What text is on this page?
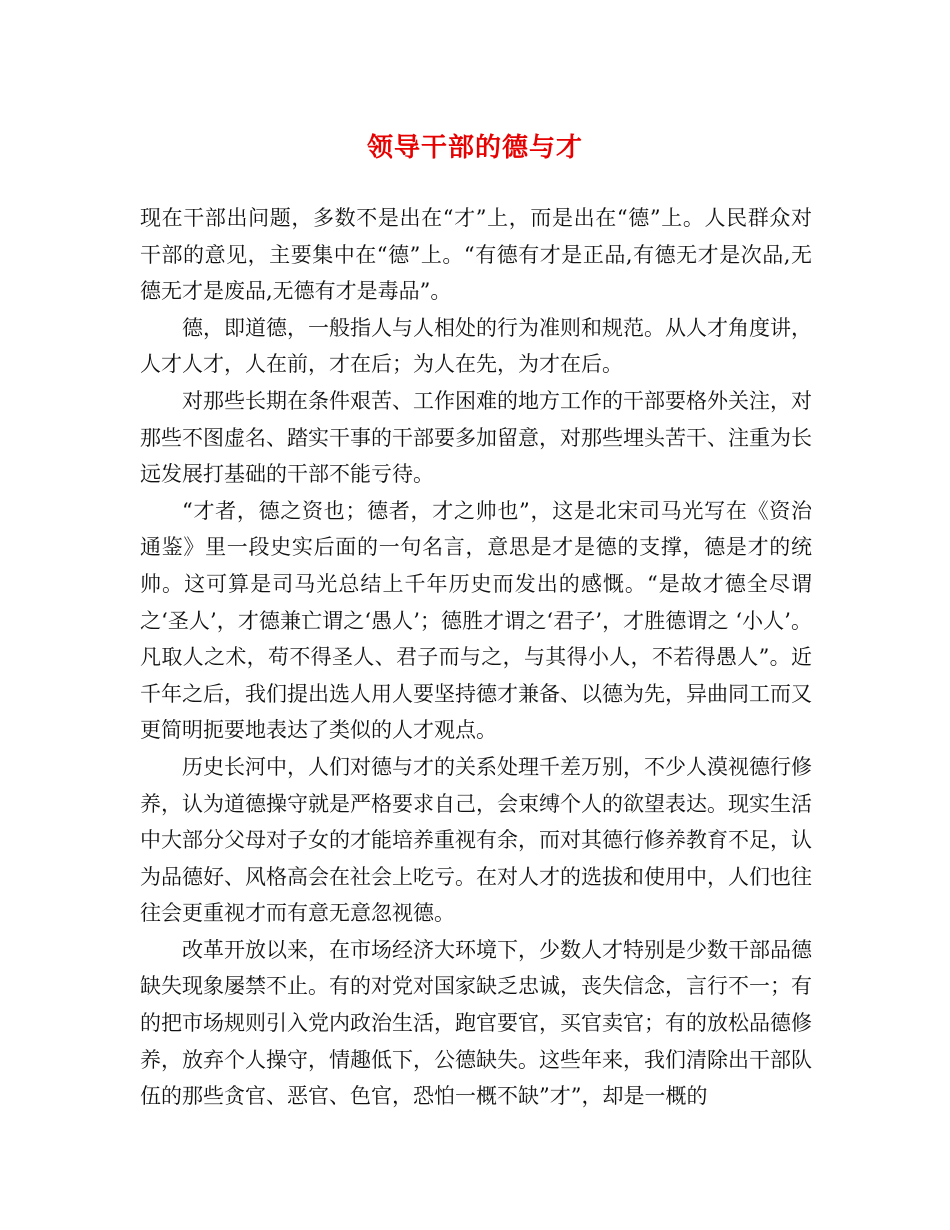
领导干部的德与才

现在干部出问题，多数不是出在“才”上，而是出在“德”上。人民群众对干部的意见，主要集中在“德”上。“有德有才是正品,有德无才是次品,无德无才是废品,无德有才是毒品”。

德，即道德，一般指人与人相处的行为准则和规范。从人才角度讲，人才人才，人在前，才在后；为人在先，为才在后。

对那些长期在条件艰苦、工作困难的地方工作的干部要格外关注，对那些不图虚名、踏实干事的干部要多加留意，对那些埋头苦干、注重为长远发展打基础的干部不能亏待。

“才者，德之资也；德者，才之帅也”，这是北宋司马光写在《资治通鉴》里一段史实后面的一句名言，意思是才是德的支撑，德是才的统帅。这可算是司马光总结上千年历史而发出的感慨。“是故才德全尽谓之‘圣人’，才德兼亡谓之‘愚人’；德胜才谓之‘君子’，才胜德谓之 ‘小人’。凡取人之术，苟不得圣人、君子而与之，与其得小人，不若得愚人”。近千年之后，我们提出选人用人要坚持德才兼备、以德为先，异曲同工而又更简明扼要地表达了类似的人才观点。

历史长河中，人们对德与才的关系处理千差万别，不少人漠视德行修养，认为道德操守就是严格要求自己，会束缚个人的欲望表达。现实生活中大部分父母对子女的才能培养重视有余，而对其德行修养教育不足，认为品德好、风格高会在社会上吃亏。在对人才的选拔和使用中，人们也往往会更重视才而有意无意忽视德。

改革开放以来，在市场经济大环境下，少数人才特别是少数干部品德缺失现象屡禁不止。有的对党对国家缺乏忠诚，丧失信念，言行不一；有的把市场规则引入党内政治生活，跑官要官，买官卖官；有的放松品德修养，放弃个人操守，情趣低下，公德缺失。这些年来，我们清除出干部队伍的那些贪官、恶官、色官，恐怕一概不缺”才”，却是一概的
